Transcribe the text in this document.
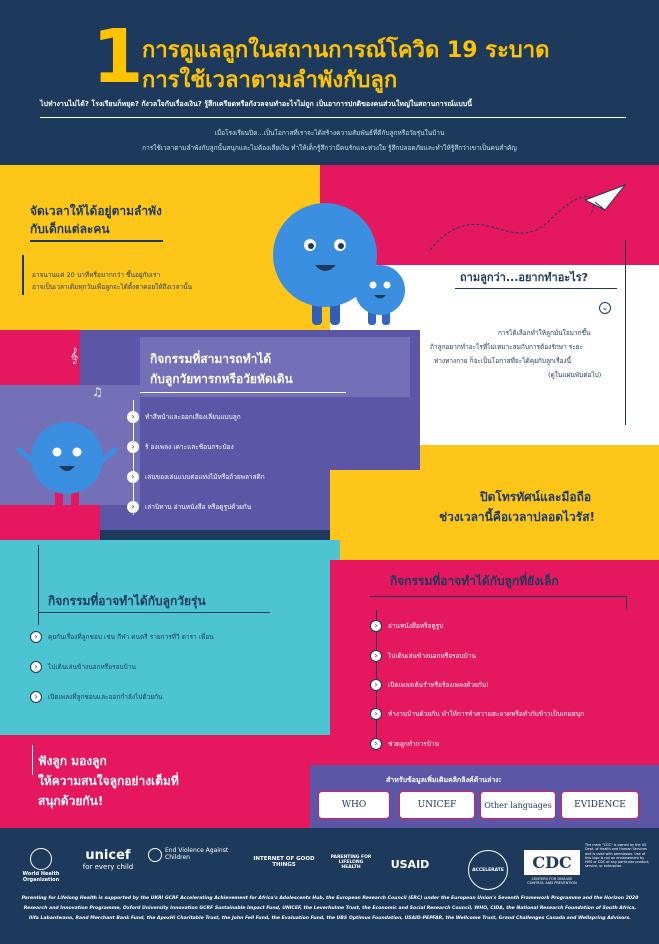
1
การดูแลลูกในสถานการณ์โควิด 19 ระบาด
การใช้เวลาตามลำพังกับลูก
ไปทำงานไม่ได้? โรงเรียนก็หยุด? กังวลใจกับเรื่องเงิน? รู้สึกเครียดหรือกังวลจนทำอะไรไม่ถูก เป็นอาการปกติของคนส่วนใหญ่ในสถานการณ์แบบนี้
เมื่อโรงเรียนปิด...เป็นโอกาสที่เราจะได้สร้างความสัมพันธ์ที่ดีกับลูกหรือวัยรุ่นในบ้าน
การใช้เวลาตามลำพังกับลูกนั้นสนุกและไม่ต้องเสียเงิน ทำให้เด็กรู้สึกว่ามีคนรักและห่วงใย รู้สึกปลอดภัยและทำให้รู้สึกว่าเขาเป็นคนสำคัญ
จัดเวลาให้ได้อยู่ตามลำพัง
กับเด็กแต่ละคน
อาจนานแค่ 20 นาทีหรือมากกว่า ขึ้นอยู่กับเรา
อาจเป็นเวลาเดิมทุกวันเพื่อลูกจะได้ตั้งตาคอยให้ถึงเวลานั้น
ถามลูกว่า...อยากทำอะไร?
⌄
การได้เลือกทำให้ลูกมั่นใจมากขึ้น
ถ้าลูกอยากทำอะไรที่ไม่เหมาะสมกับการต้องรักษา ระยะ
ห่างทางกาย ก็จะเป็นโอกาสที่จะได้คุยกับลูกเรื่องนี้
(ดูในแผ่นพับต่อไป)
กิจกรรมที่สามารถทำได้
กับลูกวัยทารกหรือวัยหัดเดิน
𝄞
♫
›	ทำสีหน้าและออกเสียงเลียนแบบลูก
›	ร้ องเพลง เคาะและช้อนกระป๋อง
›	เล่นของเล่นแบบต่อแท่งไม้หรือถ้วยพลาสติก
›	เล่านิทาน อ่านหนังสือ หรือดูรูปด้วยกัน
ปิดโทรทัศน์และมือถือ
ช่วงเวลานี้คือเวลาปลอดไวรัส!
กิจกรรมที่อาจทำได้กับลูกวัยรุ่น
›	คุยกันเรื่องที่ลูกชอบ เช่น กีฬา ดนตรี รายการทีวี ดารา เพื่อน
›	ไปเดินเล่นข้างนอกหรือรอบบ้าน
›	เปิดเพลงที่ลูกชอบและออกกำลังไปด้วยกัน
กิจกรรมที่อาจทำได้กับลูกที่ยังเล็ก
›	อ่านหนังสือหรือดูรูป
›	ไปเดินเล่นข้างนอกหรือรอบบ้าน
›	เปิดเพลงเต้นรำหรือร้องเพลงด้วยกัน!
›	ทำงานบ้านด้วยกัน ทำให้การทำความสะอาดหรือทำกับข้าวเป็นเกมสนุก
›	ช่วยลูกทำการบ้าน
ฟังลูก มองลูก
ให้ความสนใจลูกอย่างเต็มที่
สนุกด้วยกัน!
สำหรับข้อมูลเพิ่มเติมคลิกลิงค์ด้านล่าง:
WHO	UNICEF	Other languages	EVIDENCE
World Health Organization
unicef
for every child
End Violence Against Children	INTERNET OF GOOD THINGS
PARENTING FOR LIFELONG HEALTH	USAID	ACCELERATE	CDC
CENTERS FOR DISEASE CONTROL AND PREVENTION
The mark "CDC" is owned by the US Dept. of Health and Human Services and is used with permission. Use of this logo is not an endorsement by HHS or CDC of any particular product, service, or enterprise.
Parenting for Lifelong Health is supported by the UKRI GCRF Accelerating Achievement for Africa's Adolescents Hub, the European Research Council (ERC) under the European Union's Seventh Framework Programme and the Horizon 2020
Research and Innovation Programme, Oxford University Innovation GCRF Sustainable Impact Fund, UNICEF, the Leverhulme Trust, the Economic and Social Research Council, WHO, CIDA, the National Research Foundation of South Africa,
Ilifa Labantwana, Rand Merchant Bank Fund, the ApexHi Charitable Trust, the John Fell Fund, the Evaluation Fund, the UBS Optimus Foundation, USAID-PEPFAR, the Wellcome Trust, Grand Challenges Canada and Wellspring Advisors.
